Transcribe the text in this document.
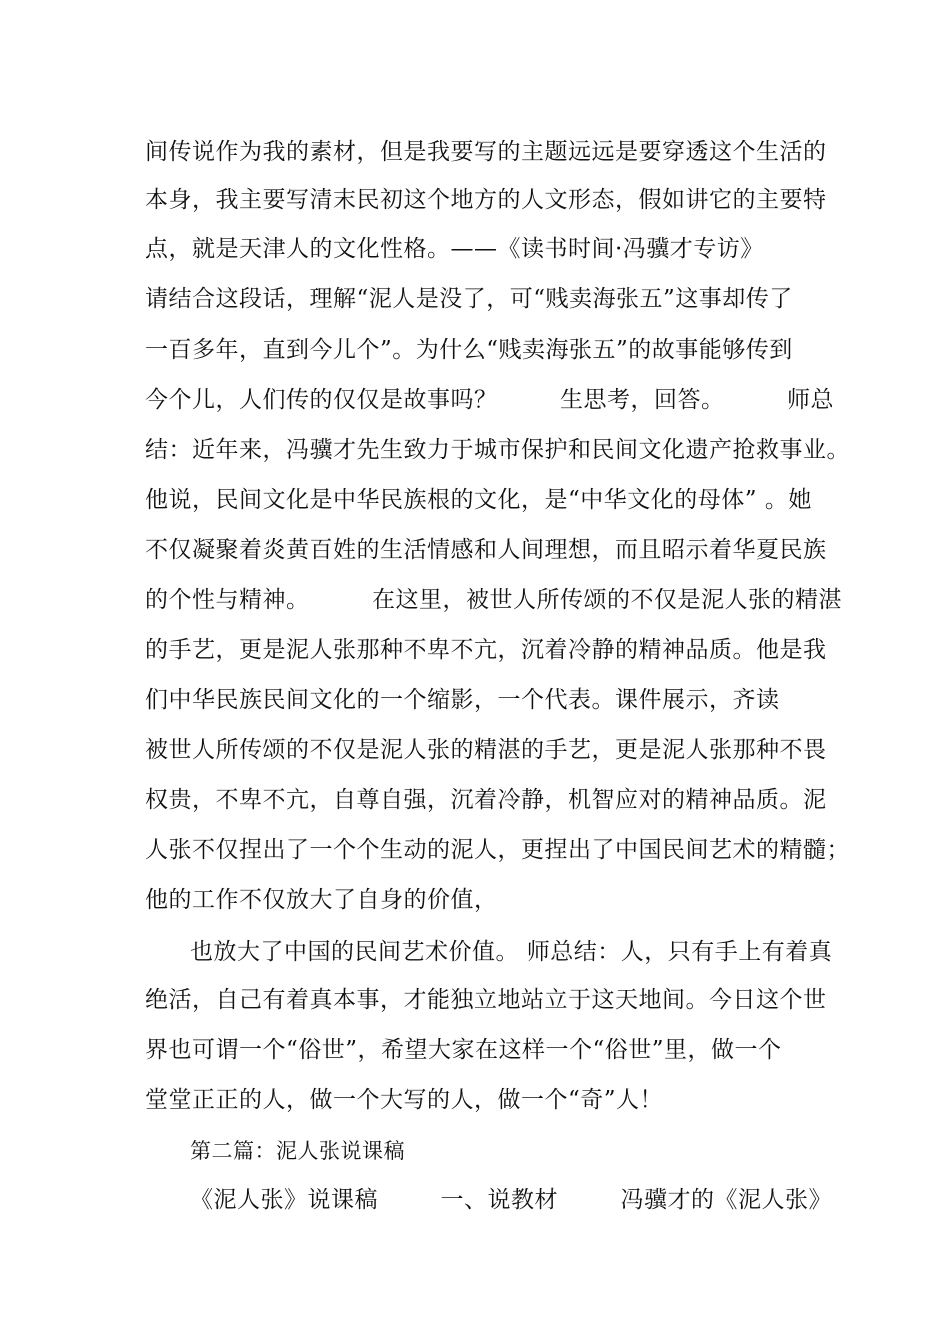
间传说作为我的素材，但是我要写的主题远远是要穿透这个生活的
本身，我主要写清末民初这个地方的人文形态，假如讲它的主要特
点，就是天津人的文化性格。——《读书时间·冯骥才专访》
请结合这段话，理解“泥人是没了，可“贱卖海张五”这事却传了
一百多年，直到今儿个”。为什么“贱卖海张五”的故事能够传到
今个儿，人们传的仅仅是故事吗？        生思考，回答。        师总
结：近年来，冯骥才先生致力于城市保护和民间文化遗产抢救事业。
他说，民间文化是中华民族根的文化，是“中华文化的母体” 。她
不仅凝聚着炎黄百姓的生活情感和人间理想，而且昭示着华夏民族
的个性与精神。        在这里，被世人所传颂的不仅是泥人张的精湛
的手艺，更是泥人张那种不卑不亢，沉着冷静的精神品质。他是我
们中华民族民间文化的一个缩影，一个代表。课件展示，齐读
被世人所传颂的不仅是泥人张的精湛的手艺，更是泥人张那种不畏
权贵，不卑不亢，自尊自强，沉着冷静，机智应对的精神品质。泥
人张不仅捏出了一个个生动的泥人，更捏出了中国民间艺术的精髓；
他的工作不仅放大了自身的价值，
也放大了中国的民间艺术价值。 师总结：人，只有手上有着真
绝活，自己有着真本事，才能独立地站立于这天地间。今日这个世
界也可谓一个“俗世”，希望大家在这样一个“俗世”里，做一个
堂堂正正的人，做一个大写的人，做一个“奇”人！
第二篇：泥人张说课稿
《泥人张》说课稿        一、说教材        冯骥才的《泥人张》
